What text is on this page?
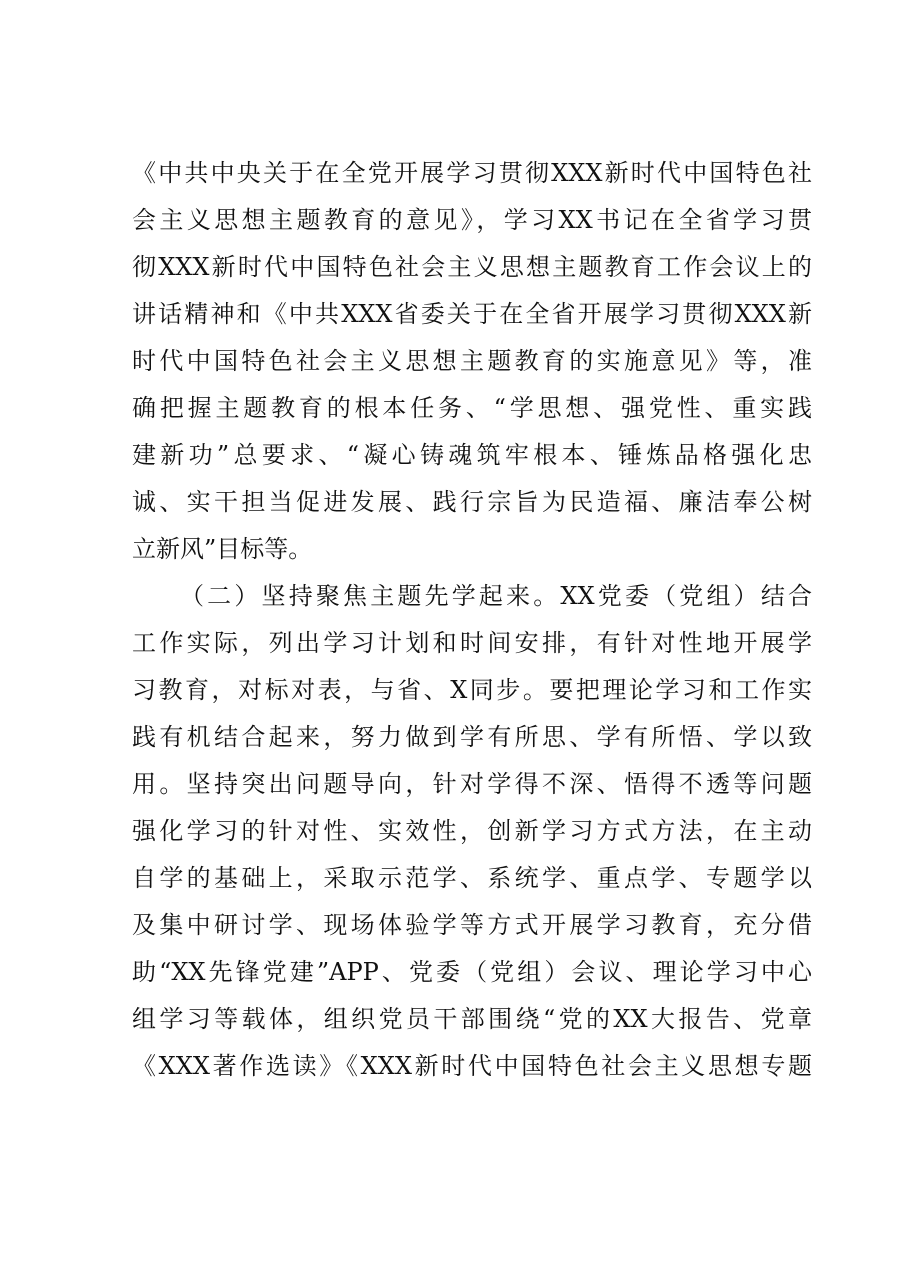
《中共中央关于在全党开展学习贯彻XXX新时代中国特色社
会主义思想主题教育的意见》，学习XX书记在全省学习贯
彻XXX新时代中国特色社会主义思想主题教育工作会议上的
讲话精神和《中共XXX省委关于在全省开展学习贯彻XXX新
时代中国特色社会主义思想主题教育的实施意见》等，准
确把握主题教育的根本任务、“学思想、强党性、重实践
建新功”总要求、“凝心铸魂筑牢根本、锤炼品格强化忠
诚、实干担当促进发展、践行宗旨为民造福、廉洁奉公树
立新风”目标等。
（二）坚持聚焦主题先学起来。XX党委（党组）结合
工作实际，列出学习计划和时间安排，有针对性地开展学
习教育，对标对表，与省、X同步。要把理论学习和工作实
践有机结合起来，努力做到学有所思、学有所悟、学以致
用。坚持突出问题导向，针对学得不深、悟得不透等问题
强化学习的针对性、实效性，创新学习方式方法，在主动
自学的基础上，采取示范学、系统学、重点学、专题学以
及集中研讨学、现场体验学等方式开展学习教育，充分借
助“XX先锋党建”APP、党委（党组）会议、理论学习中心
组学习等载体，组织党员干部围绕“党的XX大报告、党章
《XXX著作选读》《XXX新时代中国特色社会主义思想专题
